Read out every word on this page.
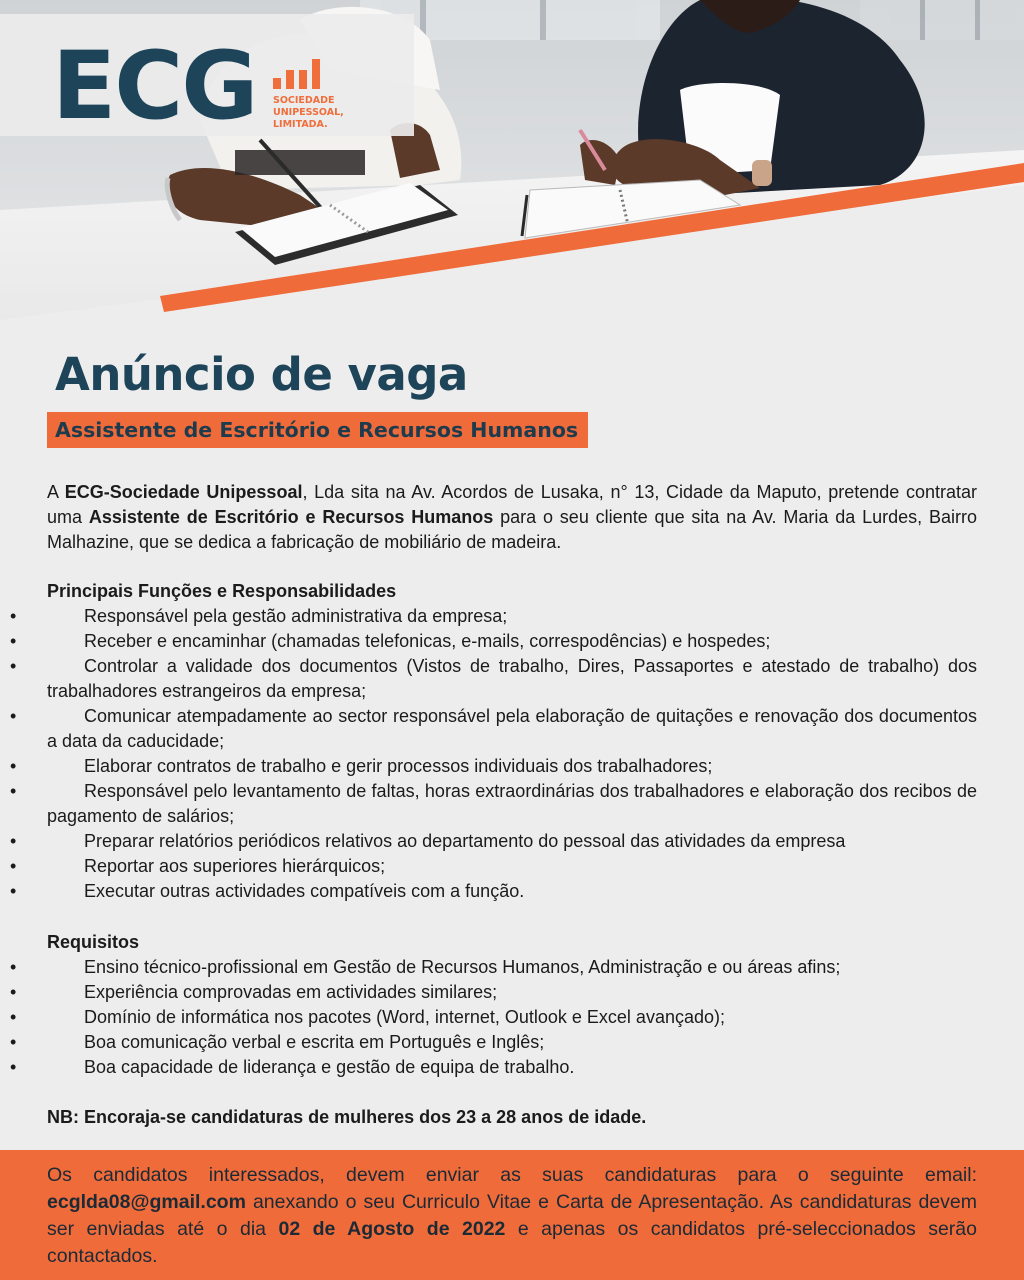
ECG SOCIEDADE
UNIPESSOAL,
LIMITADA.
Anúncio de vaga
Assistente de Escritório e Recursos Humanos
A ECG-Sociedade Unipessoal, Lda sita na Av. Acordos de Lusaka, n° 13, Cidade da Maputo, pretende contratar uma Assistente de Escritório e Recursos Humanos para o seu cliente que sita na Av. Maria da Lurdes, Bairro Malhazine, que se dedica a fabricação de mobiliário de madeira.
Principais Funções e Responsabilidades
•	Responsável pela gestão administrativa da empresa;
•	Receber e encaminhar (chamadas telefonicas, e-mails, correspodências) e hospedes;
•	Controlar a validade dos documentos (Vistos de trabalho, Dires, Passaportes e atestado de trabalho) dos trabalhadores estrangeiros da empresa;
•	Comunicar atempadamente ao sector responsável pela elaboração de quitações e renovação dos documentos a data da caducidade;
•	Elaborar contratos de trabalho e gerir processos individuais dos trabalhadores;
•	Responsável pelo levantamento de faltas, horas extraordinárias dos trabalhadores e elaboração dos recibos de pagamento de salários;
•	Preparar relatórios periódicos relativos ao departamento do pessoal das atividades da empresa
•	Reportar aos superiores hierárquicos;
•	Executar outras actividades compatíveis com a função.
Requisitos
•	Ensino técnico-profissional em Gestão de Recursos Humanos, Administração e ou áreas afins;
•	Experiência comprovadas em actividades similares;
•	Domínio de informática nos pacotes (Word, internet, Outlook e Excel avançado);
•	Boa comunicação verbal e escrita em Português e Inglês;
•	Boa capacidade de liderança e gestão de equipa de trabalho.
NB: Encoraja-se candidaturas de mulheres dos 23 a 28 anos de idade.
Os candidatos interessados, devem enviar as suas candidaturas para o seguinte email: ecglda08@gmail.com anexando o seu Curriculo Vitae e Carta de Apresentação. As candidaturas devem ser enviadas até o dia 02 de Agosto de 2022 e apenas os candidatos pré-seleccionados serão contactados.
